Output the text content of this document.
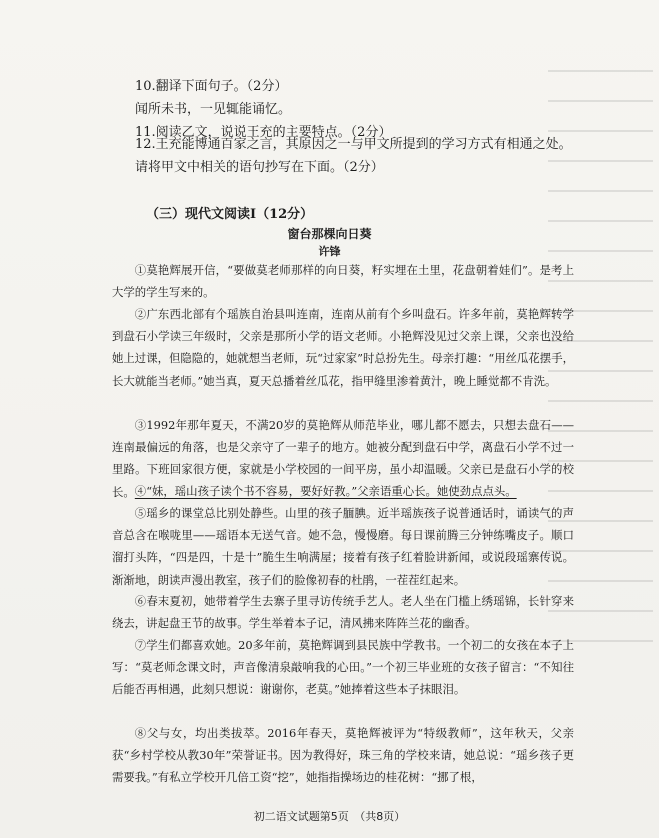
10.翻译下面句子。（2分）
闻所未书，一见辄能诵忆。
11.阅读乙文，说说王充的主要特点。（2分）
12.王充能博通百家之言，其原因之一与甲文所提到的学习方式有相通之处。请将甲文中相关的语句抄写在下面。（2分）
（三）现代文阅读Ⅰ（12分）
窗台那棵向日葵
许锋
①莫艳辉展开信，“要做莫老师那样的向日葵，籽实埋在土里，花盘朝着娃们”。是考上大学的学生写来的。
②广东西北部有个瑶族自治县叫连南，连南从前有个乡叫盘石。许多年前，莫艳辉转学到盘石小学读三年级时，父亲是那所小学的语文老师。小艳辉没见过父亲上课，父亲也没给她上过课，但隐隐的，她就想当老师，玩“过家家”时总扮先生。母亲打趣：“用丝瓜花摆手，长大就能当老师。”她当真，夏天总播着丝瓜花，指甲缝里渗着黄汁，晚上睡觉都不肯洗。
③1992年那年夏天，不满20岁的莫艳辉从师范毕业，哪儿都不愿去，只想去盘石——连南最偏远的角落，也是父亲守了一辈子的地方。她被分配到盘石中学，离盘石小学不过一里路。下班回家很方便，家就是小学校园的一间平房，虽小却温暖。父亲已是盘石小学的校长。 ④“妹，瑶山孩子读个书不容易，要好好教。”父亲语重心长。她使劲点点头。
⑤瑶乡的课堂总比别处静些。山里的孩子腼腆。近半瑶族孩子说普通话时，诵读气的声音总含在喉咙里——瑶语本无送气音。她不急，慢慢磨。每日课前腾三分钟练嘴皮子。顺口溜打头阵，“四是四，十是十”脆生生响满屋；接着有孩子红着脸讲新闻，或说段瑶寨传说。渐渐地，朗读声漫出教室，孩子们的脸像初春的杜鹃，一茬茬红起来。
⑥春末夏初，她带着学生去寨子里寻访传统手艺人。老人坐在门槛上绣瑶锦，长针穿来绕去，讲起盘王节的故事。学生举着本子记，清风拂来阵阵兰花的幽香。
⑦学生们都喜欢她。20多年前，莫艳辉调到县民族中学教书。一个初二的女孩在本子上写：“莫老师念课文时，声音像清泉敲响我的心田。”一个初三毕业班的女孩子留言：“不知往后能否再相遇，此刻只想说：谢谢你，老莫。”她捧着这些本子抹眼泪。
⑧父与女，均出类拔萃。2016年春天，莫艳辉被评为“特级教师”，这年秋天，父亲获“乡村学校从教30年”荣誉证书。因为教得好，珠三角的学校来请，她总说：“瑶乡孩子更需要我。”有私立学校开几倍工资“挖”，她指指操场边的桂花树：“挪了根，
初二语文试题第5页　（共8页）
